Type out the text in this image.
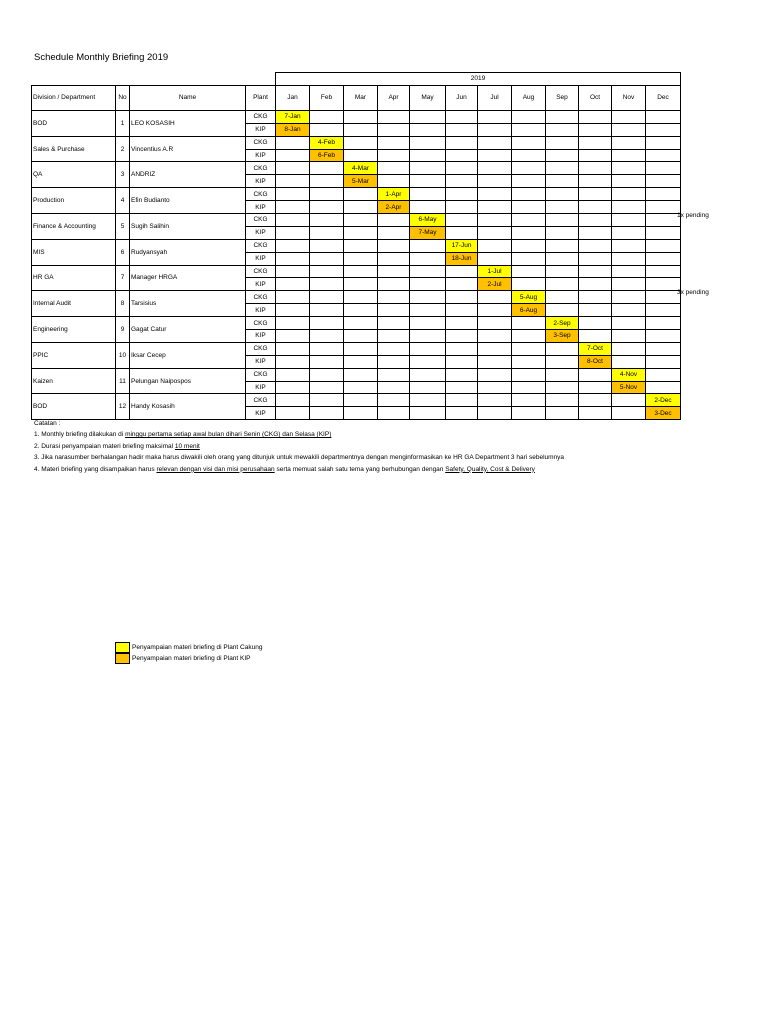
Schedule Monthly Briefing 2019
				2019											
Division / Department	No	Name	Plant	Jan	Feb	Mar	Apr	May	Jun	Jul	Aug	Sep	Oct	Nov	Dec
BOD	1	LEO KOSASIH	CKG	7-Jan											
			KIP	8-Jan											
Sales & Purchase	2	Vincentius A.R	CKG		4-Feb										
			KIP		6-Feb										
QA	3	ANDRIZ	CKG			4-Mar									
			KIP			5-Mar									
Production	4	Efin Budianto	CKG				1-Apr								
			KIP				2-Apr								
Finance & Accounting	5	Sugih Salihin	CKG					6-May							
			KIP					7-May							
MIS	6	Rudyansyah	CKG						17-Jun						
			KIP						18-Jun						
HR GA	7	Manager HRGA	CKG							1-Jul					
			KIP							2-Jul					
Internal Audit	8	Tarsisius	CKG								5-Aug				
			KIP								6-Aug				
Engineering	9	Gagat Catur	CKG									2-Sep			
			KIP									3-Sep			
PPIC	10	Iksar Cecep	CKG										7-Oct		
			KIP										8-Oct		
Kaizen	11	Pelungan Naipospos	CKG											4-Nov	
			KIP											5-Nov	
BOD	12	Handy Kosasih	CKG												2-Dec
			KIP												3-Dec
1x pending
3x pending
Catatan :
1. Monthly briefing dilakukan di minggu pertama setiap awal bulan dihari Senin (CKG) dan Selasa (KIP)
2. Durasi penyampaian materi briefing maksimal 10 menit
3. Jika narasumber berhalangan hadir maka harus diwakili oleh orang yang ditunjuk untuk mewakili departmentnya dengan menginformasikan ke HR GA Department 3 hari sebelumnya
4. Materi briefing yang disampaikan harus relevan dengan visi dan misi perusahaan serta memuat salah satu tema yang berhubungan dengan Safety, Quality, Cost & Delivery
Penyampaian materi briefing di Plant Cakung
Penyampaian materi briefing di Plant KIP
